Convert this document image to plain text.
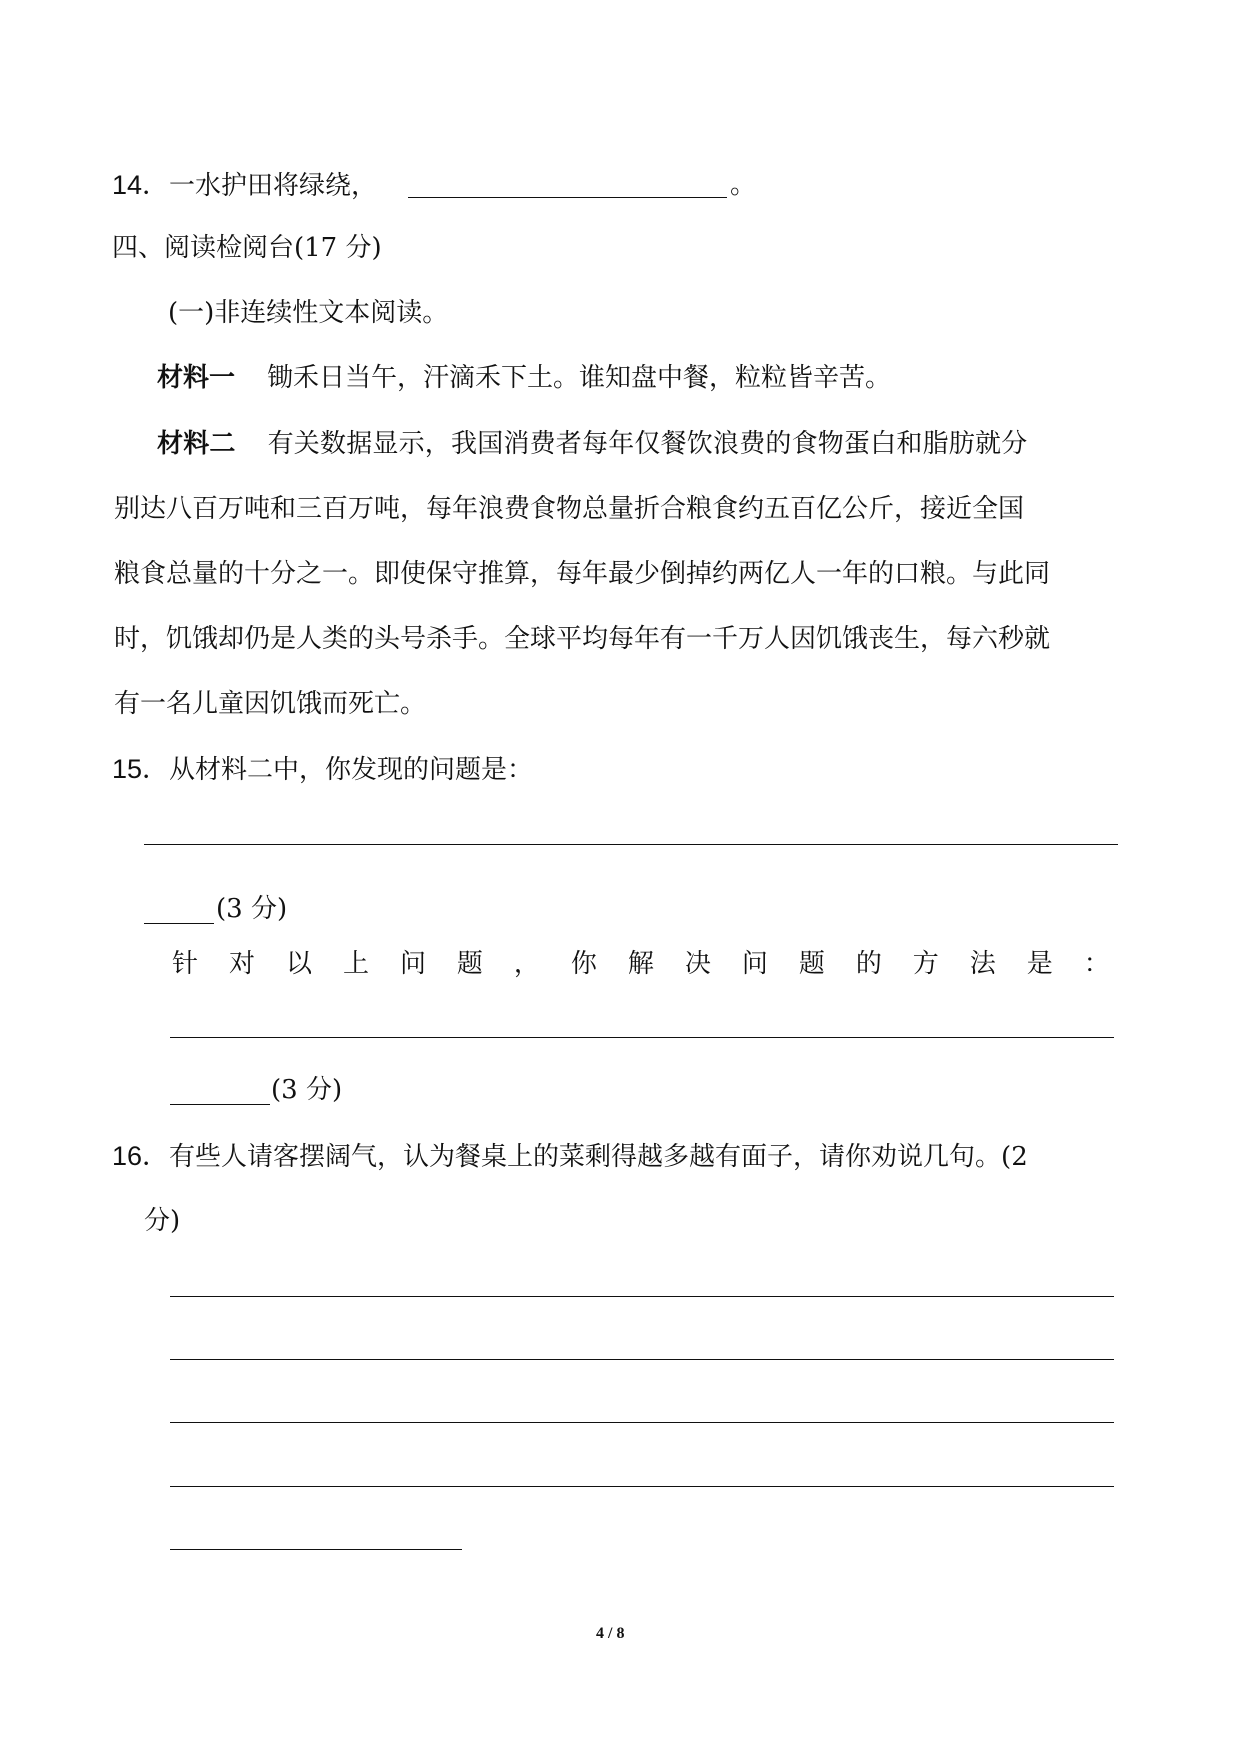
14．一水护田将绿绕，	。
四、阅读检阅台(17 分)
(一)非连续性文本阅读。
材料一 锄禾日当午，汗滴禾下土。谁知盘中餐，粒粒皆辛苦。
材料二 有关数据显示，我国消费者每年仅餐饮浪费的食物蛋白和脂肪就分
别达八百万吨和三百万吨，每年浪费食物总量折合粮食约五百亿公斤，接近全国
粮食总量的十分之一。即使保守推算，每年最少倒掉约两亿人一年的口粮。与此同
时，饥饿却仍是人类的头号杀手。全球平均每年有一千万人因饥饿丧生，每六秒就
有一名儿童因饥饿而死亡。
15．从材料二中，你发现的问题是：
(3 分)
针 对 以 上 问 题 ， 你 解 决 问 题 的 方 法 是 ：
(3 分)
16．有些人请客摆阔气，认为餐桌上的菜剩得越多越有面子，请你劝说几句。(2
分)
4 / 8
